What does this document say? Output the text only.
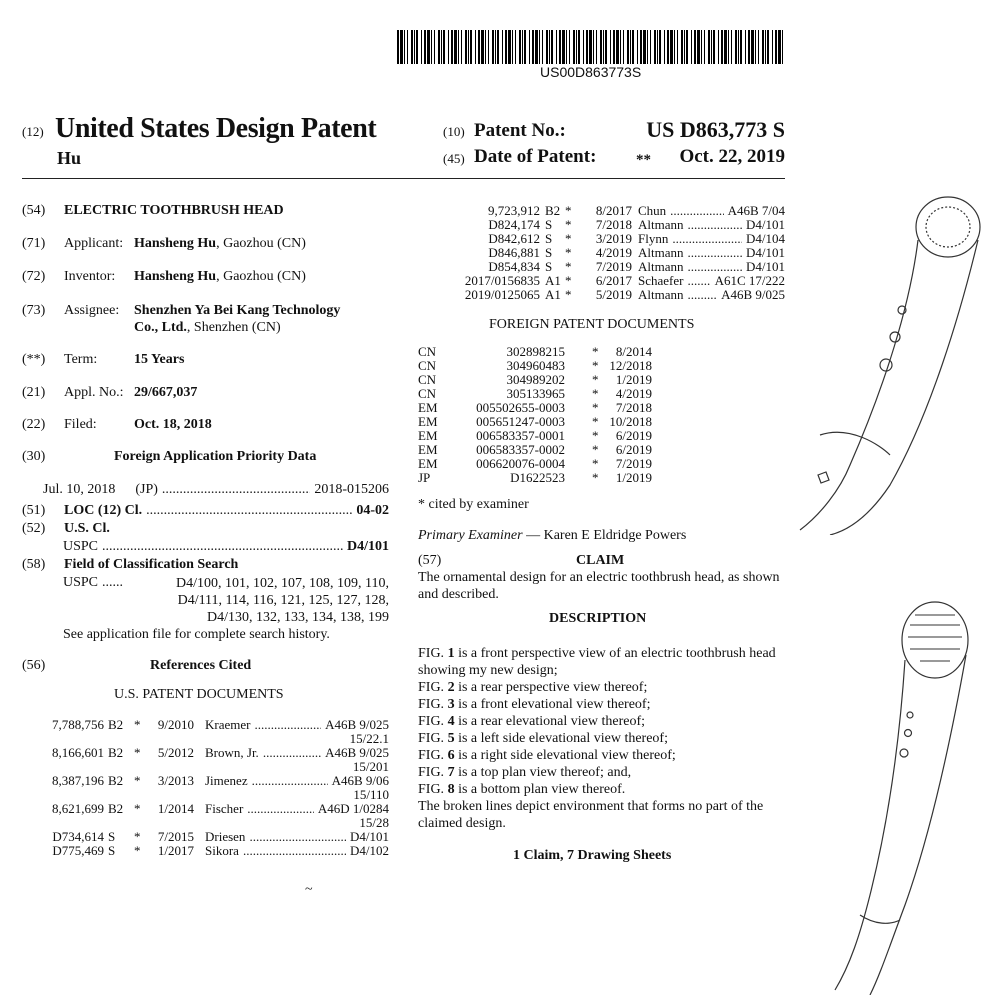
US00D863773S
(12) United States Design Patent
Hu
(10) Patent No.:	US D863,773 S
(45) Date of Patent:	** Oct. 22, 2019
(54) ELECTRIC TOOTHBRUSH HEAD
(71) Applicant: Hansheng Hu, Gaozhou (CN)
(72) Inventor: Hansheng Hu, Gaozhou (CN)
(73) Assignee: Shenzhen Ya Bei Kang Technology
Co., Ltd., Shenzhen (CN)
(**) Term:	15 Years
(21) Appl. No.: 29/667,037
(22) Filed:	Oct. 18, 2018
(30)	Foreign Application Priority Data
Jul. 10, 2018 (JP) .....	2018-015206
(51)	LOC (12) Cl. .....	04-02
(52) U.S. Cl.
USPC .....	D4/101
(58) Field of Classification Search
USPC ......	D4/100, 101, 102, 107, 108, 109, 110,
D4/111, 114, 116, 121, 125, 127, 128,
D4/130, 132, 133, 134, 138, 199
See application file for complete search history.
(56)	References Cited
U.S. PATENT DOCUMENTS
7,788,756 B2 * 9/2010 Kraemer .....	A46B 9/025
15/22.1
8,166,601 B2 * 5/2012 Brown, Jr. .....	A46B 9/025
15/201
8,387,196 B2 * 3/2013 Jimenez .....	A46B 9/06
15/110
8,621,699 B2 * 1/2014 Fischer .....	A46D 1/0284
15/28
D734,614 S * 7/2015 Driesen .....	D4/101
D775,469 S * 1/2017 Sikora .....	D4/102
~
9,723,912 B2 * 8/2017 Chun .....	A46B 7/04
D824,174 S * 7/2018 Altmann .....	D4/101
D842,612 S * 3/2019 Flynn .....	D4/104
D846,881 S * 4/2019 Altmann .....	D4/101
D854,834 S * 7/2019 Altmann .....	D4/101
2017/0156835 A1 * 6/2017 Schaefer ..... A61C 17/222
2019/0125065 A1 * 5/2019 Altmann .....	A46B 9/025
FOREIGN PATENT DOCUMENTS
CN	302898215 * 8/2014
CN	304960483 * 12/2018
CN	304989202 * 1/2019
CN	305133965 * 4/2019
EM	005502655-0003 * 7/2018
EM	005651247-0003 * 10/2018
EM	006583357-0001 * 6/2019
EM	006583357-0002 * 6/2019
EM	006620076-0004 * 7/2019
JP	D1622523 * 1/2019
* cited by examiner
Primary Examiner — Karen E Eldridge Powers
(57)	CLAIM
The ornamental design for an electric toothbrush head, as shown and described.
DESCRIPTION
FIG. 1 is a front perspective view of an electric toothbrush head showing my new design;
FIG. 2 is a rear perspective view thereof;
FIG. 3 is a front elevational view thereof;
FIG. 4 is a rear elevational view thereof;
FIG. 5 is a left side elevational view thereof;
FIG. 6 is a right side elevational view thereof;
FIG. 7 is a top plan view thereof; and,
FIG. 8 is a bottom plan view thereof.
The broken lines depict environment that forms no part of the claimed design.
1 Claim, 7 Drawing Sheets
